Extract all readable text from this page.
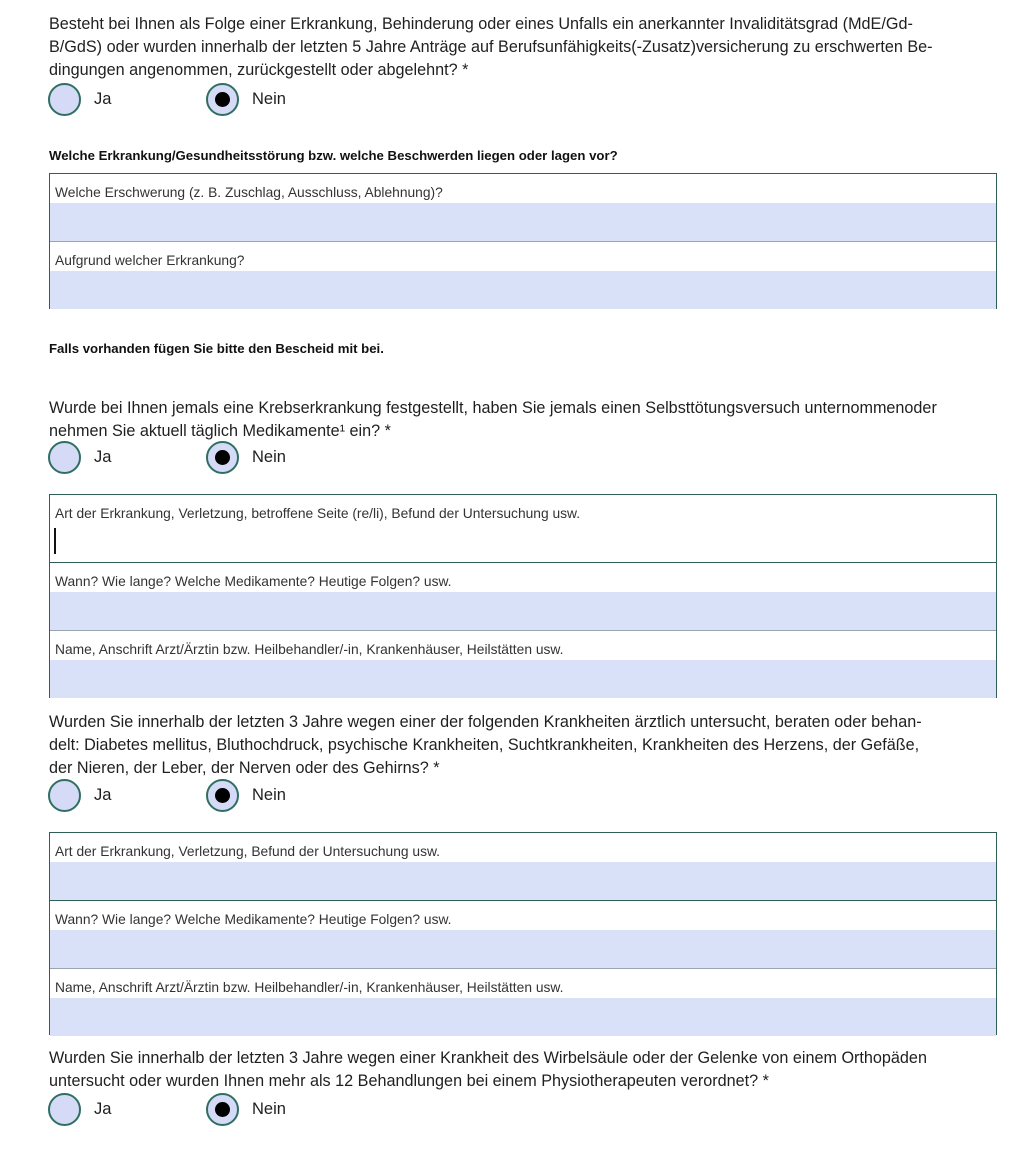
Besteht bei Ihnen als Folge einer Erkrankung, Behinderung oder eines Unfalls ein anerkannter Invaliditätsgrad (MdE/Gd-
B/GdS) oder wurden innerhalb der letzten 5 Jahre Anträge auf Berufsunfähigkeits(-Zusatz)versicherung zu erschwerten Be-
dingungen angenommen, zurückgestellt oder abgelehnt? *
Ja	Nein
Welche Erkrankung/Gesundheitsstörung bzw. welche Beschwerden liegen oder lagen vor?
Welche Erschwerung (z. B. Zuschlag, Ausschluss, Ablehnung)?
Aufgrund welcher Erkrankung?
Falls vorhanden fügen Sie bitte den Bescheid mit bei.
Wurde bei Ihnen jemals eine Krebserkrankung festgestellt, haben Sie jemals einen Selbsttötungsversuch unternommenoder
nehmen Sie aktuell täglich Medikamente¹ ein? *
Ja	Nein
Art der Erkrankung, Verletzung, betroffene Seite (re/li), Befund der Untersuchung usw.
Wann? Wie lange? Welche Medikamente? Heutige Folgen? usw.
Name, Anschrift Arzt/Ärztin bzw. Heilbehandler/-in, Krankenhäuser, Heilstätten usw.
Wurden Sie innerhalb der letzten 3 Jahre wegen einer der folgenden Krankheiten ärztlich untersucht, beraten oder behan-
delt: Diabetes mellitus, Bluthochdruck, psychische Krankheiten, Suchtkrankheiten, Krankheiten des Herzens, der Gefäße,
der Nieren, der Leber, der Nerven oder des Gehirns? *
Ja	Nein
Art der Erkrankung, Verletzung, Befund der Untersuchung usw.
Wann? Wie lange? Welche Medikamente? Heutige Folgen? usw.
Name, Anschrift Arzt/Ärztin bzw. Heilbehandler/-in, Krankenhäuser, Heilstätten usw.
Wurden Sie innerhalb der letzten 3 Jahre wegen einer Krankheit des Wirbelsäule oder der Gelenke von einem Orthopäden
untersucht oder wurden Ihnen mehr als 12 Behandlungen bei einem Physiotherapeuten verordnet? *
Ja	Nein
